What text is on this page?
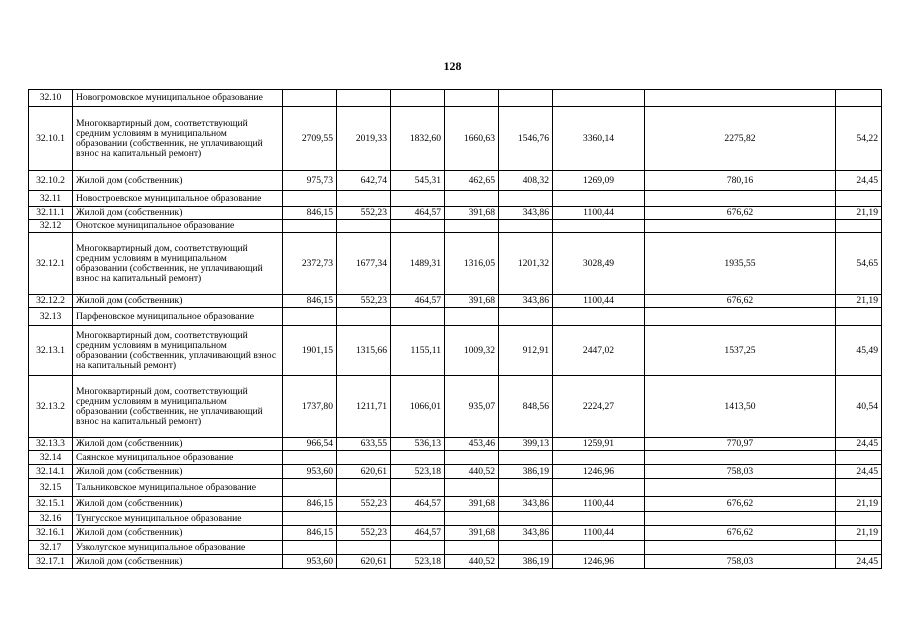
128
32.10	Новогромовское муниципальное образование								
32.10.1	Многоквартирный дом, соответствующий средним условиям в муниципальном образовании (собственник, не уплачивающий взнос на капитальный ремонт)	2709,55	2019,33	1832,60	1660,63	1546,76	3360,14	2275,82	54,22
32.10.2	Жилой дом (собственник)	975,73	642,74	545,31	462,65	408,32	1269,09	780,16	24,45
32.11	Новостроевское муниципальное образование								
32.11.1	Жилой дом (собственник)	846,15	552,23	464,57	391,68	343,86	1100,44	676,62	21,19
32.12	Онотское муниципальное образование								
32.12.1	Многоквартирный дом, соответствующий средним условиям в муниципальном образовании (собственник, не уплачивающий взнос на капитальный ремонт)	2372,73	1677,34	1489,31	1316,05	1201,32	3028,49	1935,55	54,65
32.12.2	Жилой дом (собственник)	846,15	552,23	464,57	391,68	343,86	1100,44	676,62	21,19
32.13	Парфеновское муниципальное образование								
32.13.1	Многоквартирный дом, соответствующий средним условиям в муниципальном образовании (собственник, уплачивающий взнос на капитальный ремонт)	1901,15	1315,66	1155,11	1009,32	912,91	2447,02	1537,25	45,49
32.13.2	Многоквартирный дом, соответствующий средним условиям в муниципальном образовании (собственник, не уплачивающий взнос на капитальный ремонт)	1737,80	1211,71	1066,01	935,07	848,56	2224,27	1413,50	40,54
32.13.3	Жилой дом (собственник)	966,54	633,55	536,13	453,46	399,13	1259,91	770,97	24,45
32.14	Саянское муниципальное образование								
32.14.1	Жилой дом (собственник)	953,60	620,61	523,18	440,52	386,19	1246,96	758,03	24,45
32.15	Тальниковское муниципальное образование								
32.15.1	Жилой дом (собственник)	846,15	552,23	464,57	391,68	343,86	1100,44	676,62	21,19
32.16	Тунгусское муниципальное образование								
32.16.1	Жилой дом (собственник)	846,15	552,23	464,57	391,68	343,86	1100,44	676,62	21,19
32.17	Узколугское муниципальное образование								
32.17.1	Жилой дом (собственник)	953,60	620,61	523,18	440,52	386,19	1246,96	758,03	24,45
